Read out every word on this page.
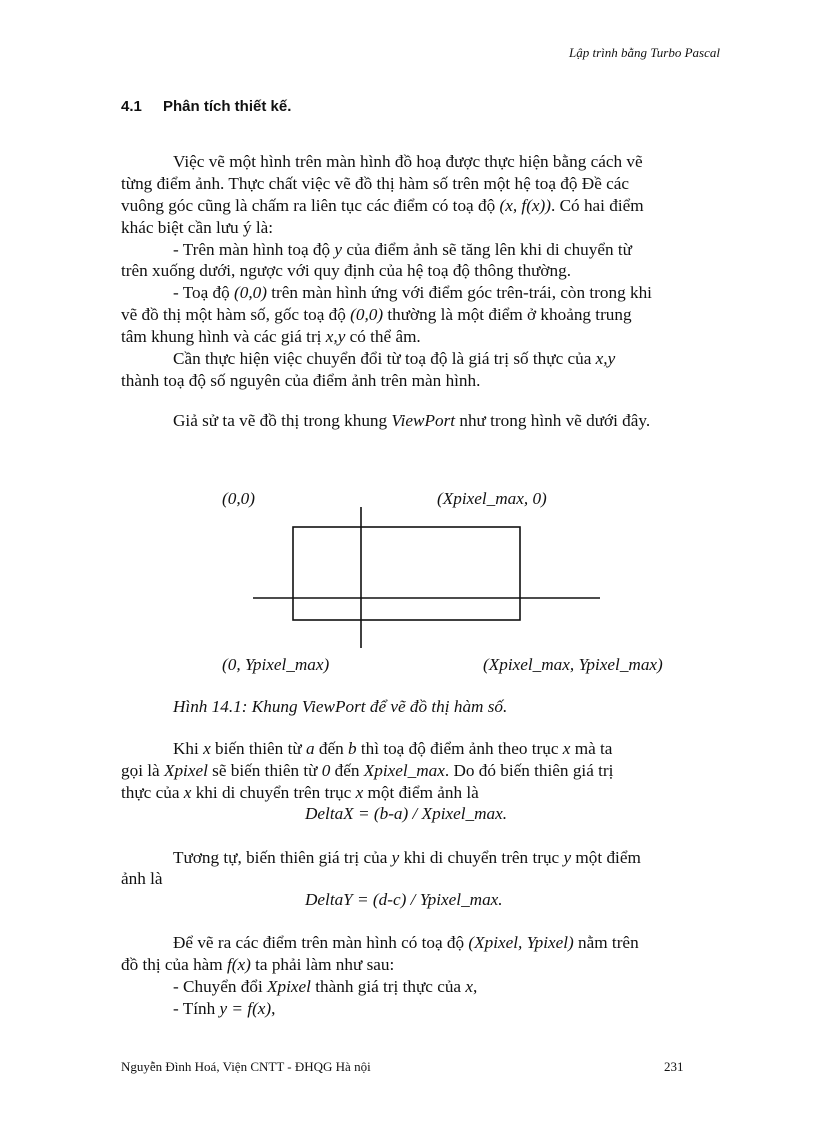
Lập trình bằng Turbo Pascal
4.1 Phân tích thiết kế.
Việc vẽ một hình trên màn hình đồ hoạ được thực hiện bằng cách vẽ
từng điểm ảnh. Thực chất việc vẽ đồ thị hàm số trên một hệ toạ độ Đề các
vuông góc cũng là chấm ra liên tục các điểm có toạ độ (x, f(x)). Có hai điểm
khác biệt cần lưu ý là:
- Trên màn hình toạ độ y của điểm ảnh sẽ tăng lên khi di chuyển từ
trên xuống dưới, ngược với quy định của hệ toạ độ thông thường.
- Toạ độ (0,0) trên màn hình ứng với điểm góc trên-trái, còn trong khi
vẽ đồ thị một hàm số, gốc toạ độ (0,0) thường là một điểm ở khoảng trung
tâm khung hình và các giá trị x,y có thể âm.
Cần thực hiện việc chuyển đổi từ toạ độ là giá trị số thực của x,y
thành toạ độ số nguyên của điểm ảnh trên màn hình.
Giả sử ta vẽ đồ thị trong khung ViewPort như trong hình vẽ dưới đây.
(0,0)	(Xpixel_max, 0)
(0, Ypixel_max)	(Xpixel_max, Ypixel_max)
Hình 14.1: Khung ViewPort để vẽ đồ thị hàm số.
Khi x biến thiên từ a đến b thì toạ độ điểm ảnh theo trục x mà ta
gọi là Xpixel sẽ biến thiên từ 0 đến Xpixel_max. Do đó biến thiên giá trị
thực của x khi di chuyển trên trục x một điểm ảnh là
DeltaX = (b-a) / Xpixel_max.
Tương tự, biến thiên giá trị của y khi di chuyển trên trục y một điểm
ảnh là
DeltaY = (d-c) / Ypixel_max.
Để vẽ ra các điểm trên màn hình có toạ độ (Xpixel, Ypixel) nằm trên
đồ thị của hàm f(x) ta phải làm như sau:
- Chuyển đổi Xpixel thành giá trị thực của x,
- Tính y = f(x),
Nguyễn Đình Hoá, Viện CNTT - ĐHQG Hà nội	231
